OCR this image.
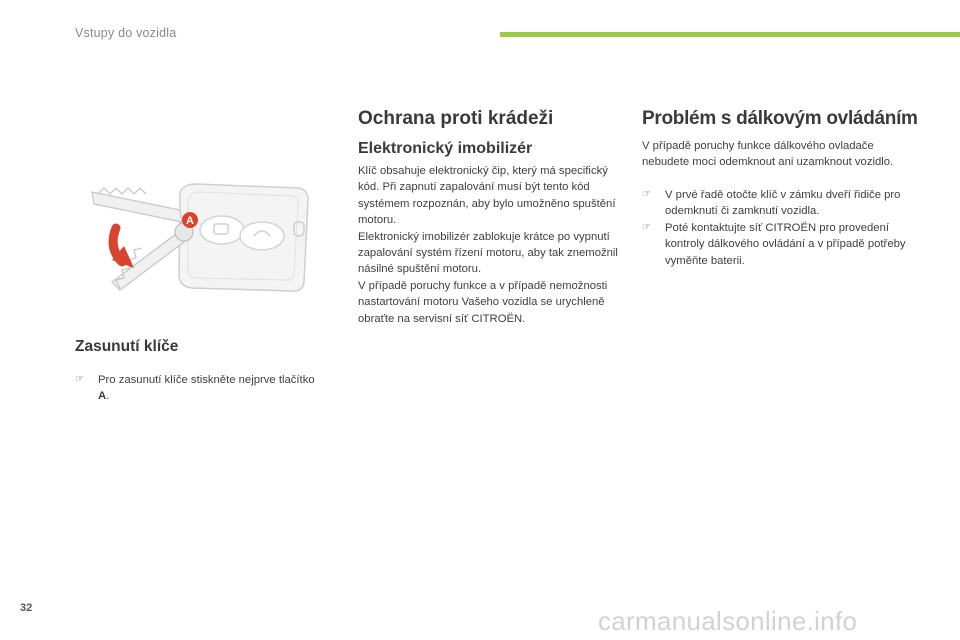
Vstupy do vozidla
A
Zasunutí klíče
☞ Pro zasunutí klíče stiskněte nejprve tlačítko A.
Ochrana proti krádeži
Elektronický imobilizér

Klíč obsahuje elektronický čip, který má specifický kód. Při zapnutí zapalování musí být tento kód systémem rozpoznán, aby bylo umožněno spuštění motoru.

Elektronický imobilizér zablokuje krátce po vypnutí zapalování systém řízení motoru, aby tak znemožnil násilné spuštění motoru.

V případě poruchy funkce a v případě nemožnosti nastartování motoru Vašeho vozidla se urychleně obraťte na servisní síť CITROËN.

Problém s dálkovým ovládáním

V případě poruchy funkce dálkového ovladače nebudete moci odemknout ani uzamknout vozidlo.

☞ V prvé řadě otočte klíč v zámku dveří řidiče pro odemknutí či zamknutí vozidla.
☞ Poté kontaktujte síť CITROËN pro provedení kontroly dálkového ovládání a v případě potřeby vyměňte baterii.
32	carmanualsonline.info
